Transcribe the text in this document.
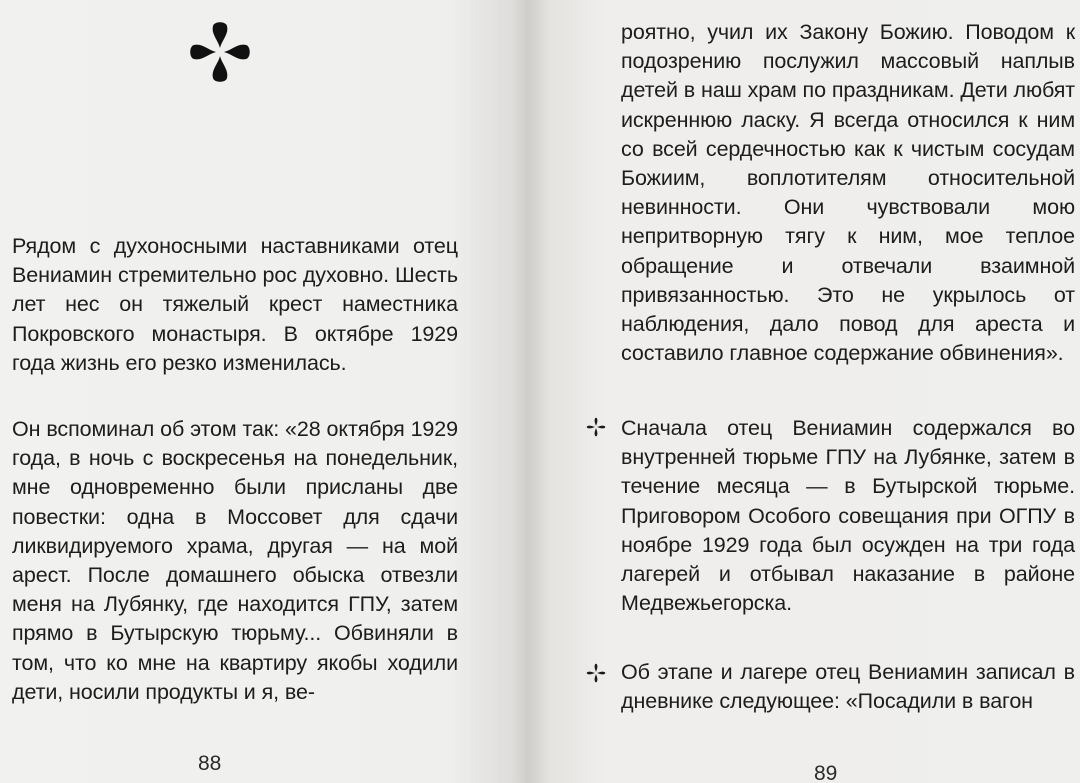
Рядом с духоносными наставниками отец Вениамин стремительно рос духовно. Шесть лет нес он тяжелый крест наместника Покровского монастыря. В октябре 1929 года жизнь его резко изменилась.

Он вспоминал об этом так: «28 октября 1929 года, в ночь с воскресенья на понедельник, мне одновременно были присланы две повестки: одна в Моссовет для сдачи ликвидируемого храма, другая — на мой арест. После домашнего обыска отвезли меня на Лубянку, где находится ГПУ, затем прямо в Бутырскую тюрьму... Обвиняли в том, что ко мне на квартиру якобы ходили дети, носили продукты и я, ве-

88

роятно, учил их Закону Божию. Поводом к подозрению послужил массовый наплыв детей в наш храм по праздникам. Дети любят искреннюю ласку. Я всегда относился к ним со всей сердечностью как к чистым сосудам Божиим, воплотителям относительной невинности. Они чувствовали мою непритворную тягу к ним, мое теплое обращение и отвечали взаимной привязанностью. Это не укрылось от наблюдения, дало повод для ареста и составило главное содержание обвинения».

Сначала отец Вениамин содержался во внутренней тюрьме ГПУ на Лубянке, затем в течение месяца — в Бутырской тюрьме. Приговором Особого совещания при ОГПУ в ноябре 1929 года был осужден на три года лагерей и отбывал наказание в районе Медвежьегорска.

Об этапе и лагере отец Вениамин записал в дневнике следующее: «Посадили в вагон

89
